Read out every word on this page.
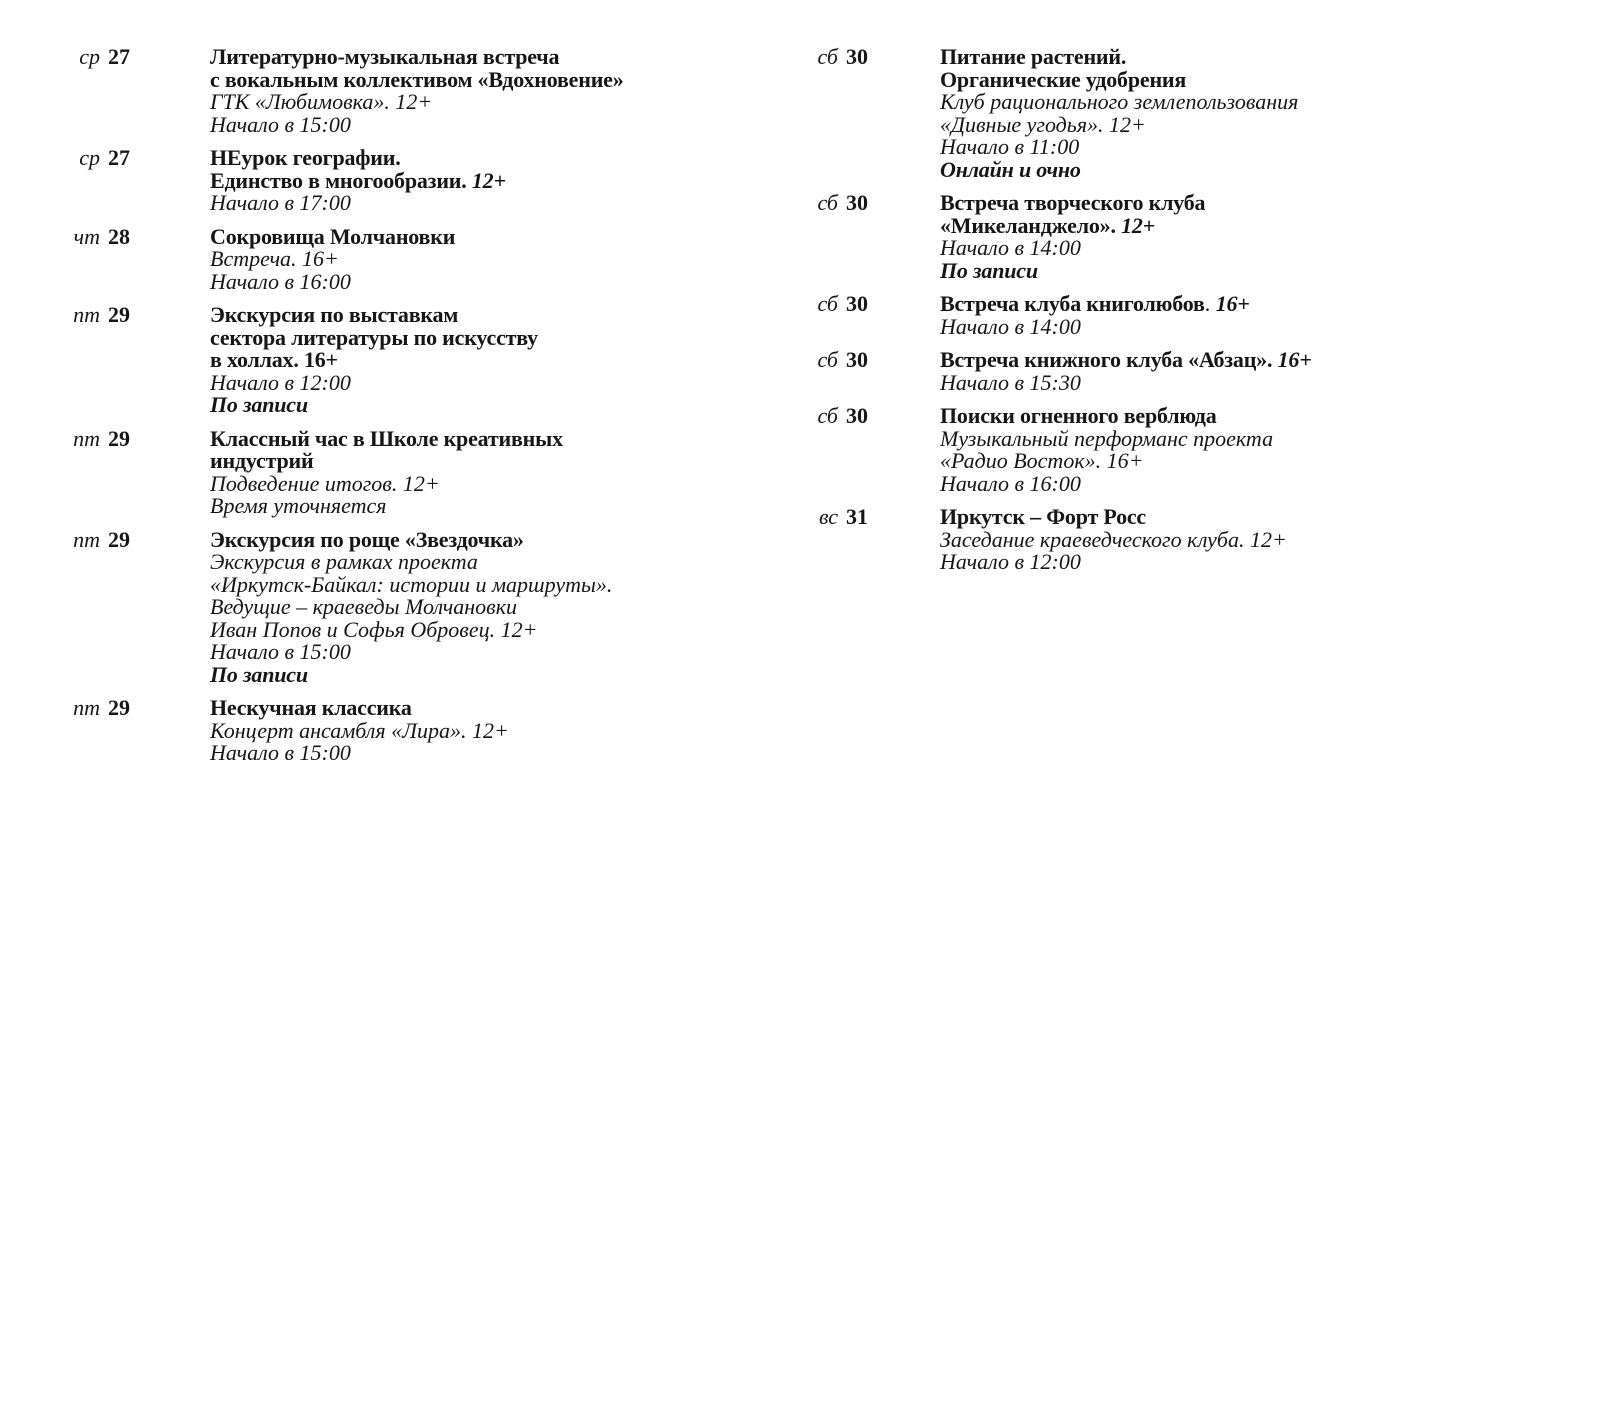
ср 27	Литературно-музыкальная встреча
с вокальным коллективом «Вдохновение»
ГТК «Любимовка». 12+
Начало в 15:00
ср 27	НЕурок географии.
Единство в многообразии. 12+
Начало в 17:00
чт 28	Сокровища Молчановки
Встреча. 16+
Начало в 16:00
пт 29	Экскурсия по выставкам
сектора литературы по искусству
в холлах. 16+
Начало в 12:00
По записи
пт 29	Классный час в Школе креативных
индустрий
Подведение итогов. 12+
Время уточняется
пт 29	Экскурсия по роще «Звездочка»
Экскурсия в рамках проекта
«Иркутск-Байкал: истории и маршруты».
Ведущие – краеведы Молчановки
Иван Попов и Софья Обровец. 12+
Начало в 15:00
По записи
пт 29	Нескучная классика
Концерт ансамбля «Лира». 12+
Начало в 15:00
сб 30	Питание растений.
Органические удобрения
Клуб рационального землепользования
«Дивные угодья». 12+
Начало в 11:00
Онлайн и очно
сб 30	Встреча творческого клуба
«Микеланджело». 12+
Начало в 14:00
По записи
сб 30	Встреча клуба книголюбов. 16+
Начало в 14:00
сб 30	Встреча книжного клуба «Абзац». 16+
Начало в 15:30
сб 30	Поиски огненного верблюда
Музыкальный перформанс проекта
«Радио Восток». 16+
Начало в 16:00
вс 31	Иркутск – Форт Росс
Заседание краеведческого клуба. 12+
Начало в 12:00
